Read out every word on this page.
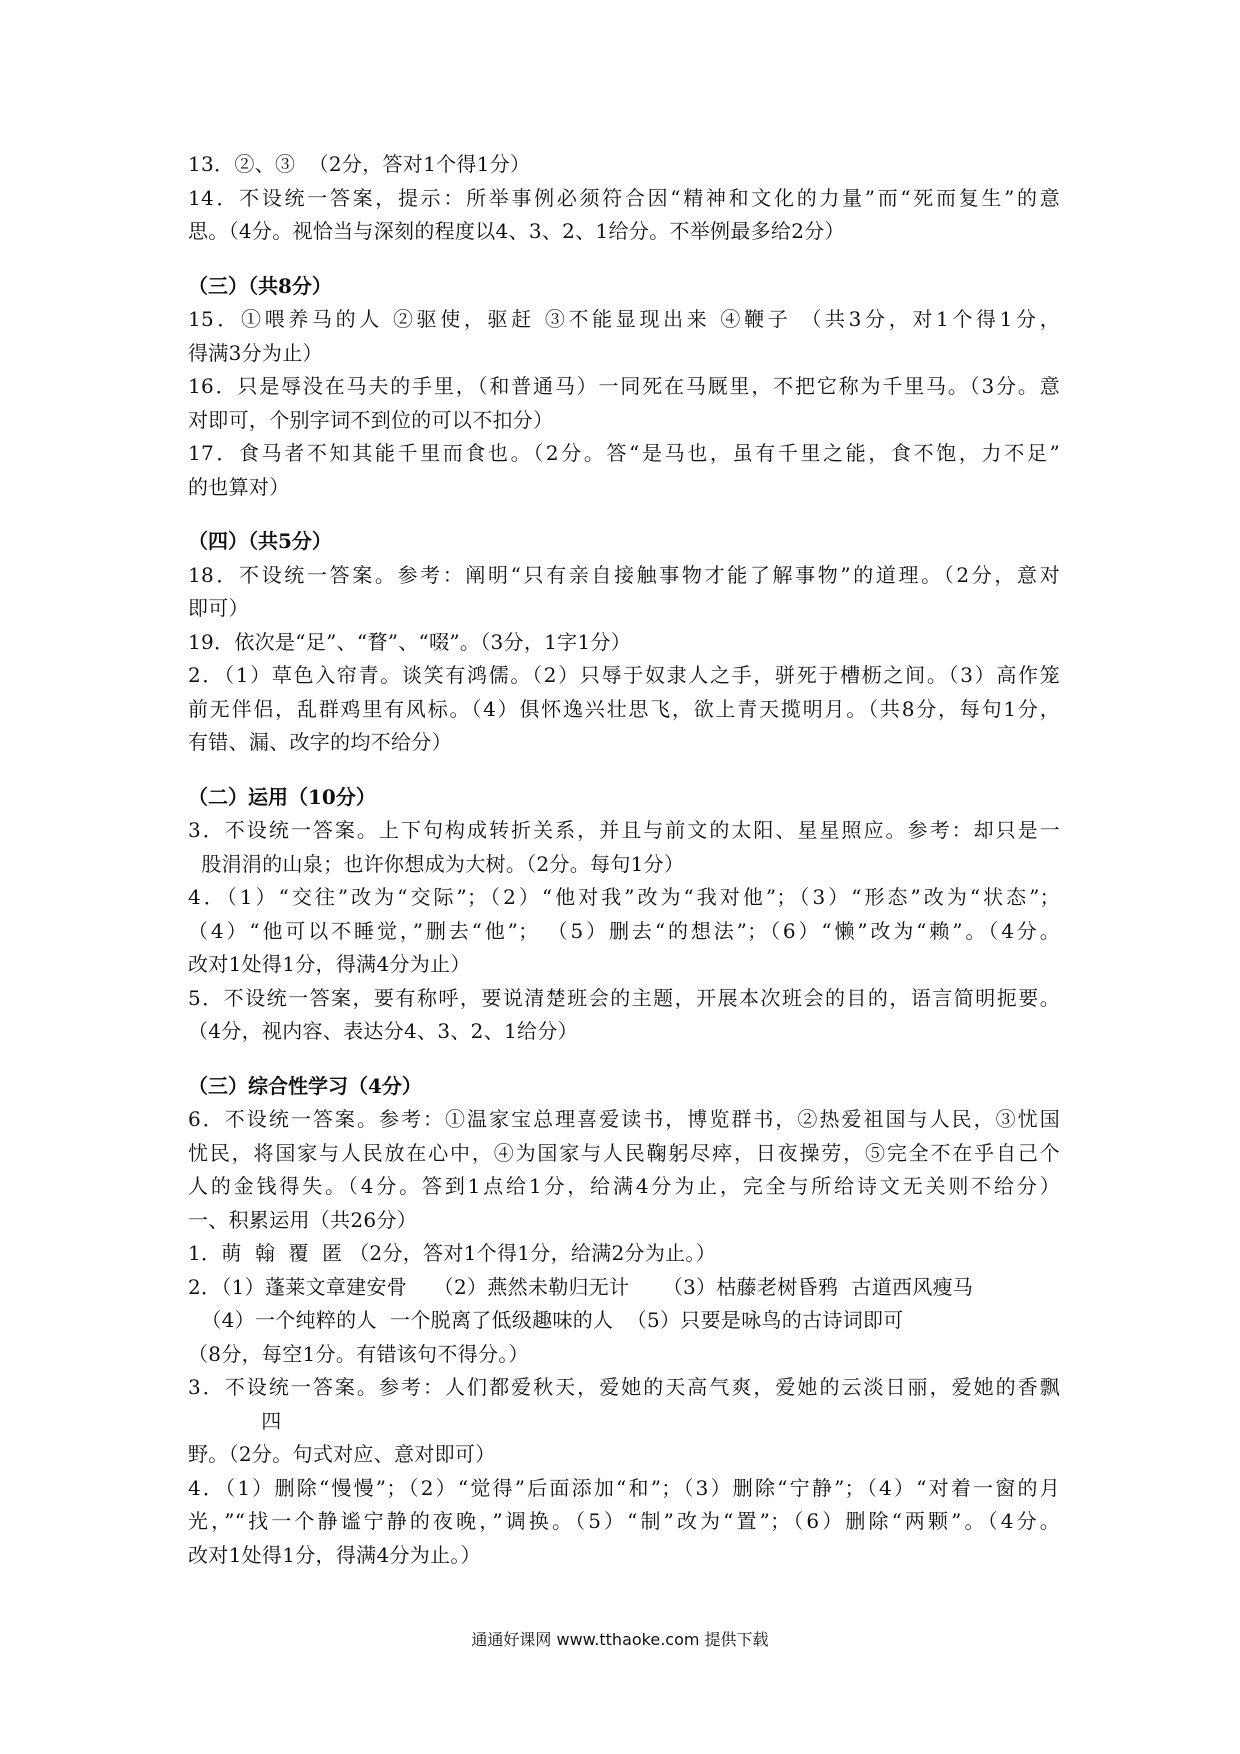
13．②、③  （2分，答对1个得1分）
14．不设统一答案，提示：所举事例必须符合因“精神和文化的力量”而“死而复生”的意
思。（4分。视恰当与深刻的程度以4、3、2、1给分。不举例最多给2分）
（三）（共8分）
15．①喂养马的人 ②驱使，驱赶 ③不能显现出来 ④鞭子 （共3分，对1个得1分，
得满3分为止）
16．只是辱没在马夫的手里，（和普通马）一同死在马厩里，不把它称为千里马。（3分。意
对即可，个别字词不到位的可以不扣分）
17．食马者不知其能千里而食也。（2分。答“是马也，虽有千里之能，食不饱，力不足”
的也算对）
（四）（共5分）
18．不设统一答案。参考：阐明“只有亲自接触事物才能了解事物”的道理。（2分，意对
即可）
19．依次是“足”、“瞀”、“啜”。（3分，1字1分）
2．（1）草色入帘青。谈笑有鸿儒。（2）只辱于奴隶人之手，骈死于槽枥之间。（3）高作笼
前无伴侣，乱群鸡里有风标。（4）俱怀逸兴壮思飞，欲上青天揽明月。（共8分，每句1分，
有错、漏、改字的均不给分）
（二）运用（10分）
3．不设统一答案。上下句构成转折关系，并且与前文的太阳、星星照应。参考：却只是一
股涓涓的山泉；也许你想成为大树。（2分。每句1分）
4．（1）“交往”改为“交际”；（2）“他对我”改为“我对他”；（3）“形态”改为“状态”；
（4）“他可以不睡觉，”删去“他”； （5）删去“的想法”；（6）“懒”改为“赖”。（4分。
改对1处得1分，得满4分为止）
5．不设统一答案，要有称呼，要说清楚班会的主题，开展本次班会的目的，语言简明扼要。
（4分，视内容、表达分4、3、2、1给分）
（三）综合性学习（4分）
6．不设统一答案。参考：①温家宝总理喜爱读书，博览群书，②热爱祖国与人民，③忧国
忧民，将国家与人民放在心中，④为国家与人民鞠躬尽瘁，日夜操劳，⑤完全不在乎自己个
人的金钱得失。（4分。答到1点给1分，给满4分为止，完全与所给诗文无关则不给分）
一、积累运用（共26分）
1．萌  翰  覆  匿 （2分，答对1个得1分，给满2分为止。）
2．（1）蓬莱文章建安骨    （2）燕然未勒归无计     （3）枯藤老树昏鸦  古道西风瘦马
（4）一个纯粹的人  一个脱离了低级趣味的人  （5）只要是咏鸟的古诗词即可
（8分，每空1分。有错该句不得分。）
3．不设统一答案。参考：人们都爱秋天，爱她的天高气爽，爱她的云淡日丽，爱她的香飘
四
野。（2分。句式对应、意对即可）
4．（1）删除“慢慢”；（2）“觉得”后面添加“和”；（3）删除“宁静”；（4）“对着一窗的月
光，”“找一个静谧宁静的夜晚，”调换。（5）“制”改为“置”；（6）删除“两颗”。（4分。
改对1处得1分，得满4分为止。）
通通好课网 www.tthaoke.com 提供下载
